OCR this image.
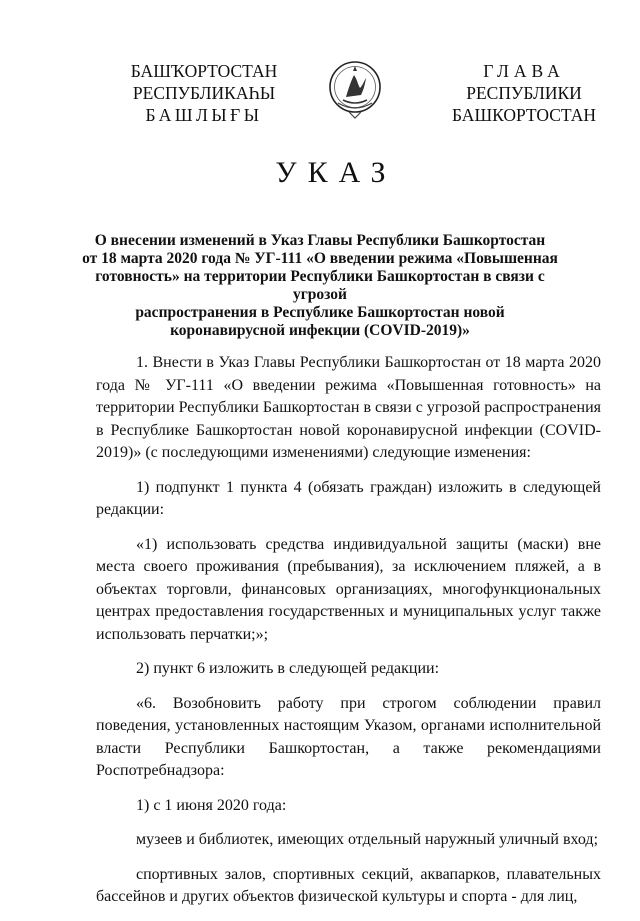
БАШҠОРТОСТАН
РЕСПУБЛИКАҺЫ
БАШЛЫҒЫ
ГЛАВА
РЕСПУБЛИКИ
БАШКОРТОСТАН
УКАЗ
О внесении изменений в Указ Главы Республики Башкортостан
от 18 марта 2020 года № УГ-111 «О введении режима «Повышенная
готовность» на территории Республики Башкортостан в связи с угрозой
распространения в Республике Башкортостан новой
коронавирусной инфекции (COVID-2019)»

1. Внести в Указ Главы Республики Башкортостан от 18 марта 2020 года № УГ-111 «О введении режима «Повышенная готовность» на территории Республики Башкортостан в связи с угрозой распространения в Республике Башкортостан новой коронавирусной инфекции (COVID-2019)» (с последующими изменениями) следующие изменения:

1) подпункт 1 пункта 4 (обязать граждан) изложить в следующей редакции:

«1) использовать средства индивидуальной защиты (маски) вне места своего проживания (пребывания), за исключением пляжей, а в объектах торговли, финансовых организациях, многофункциональных центрах предоставления государственных и муниципальных услуг также использовать перчатки;»;

2) пункт 6 изложить в следующей редакции:

«6. Возобновить работу при строгом соблюдении правил поведения, установленных настоящим Указом, органами исполнительной власти Республики Башкортостан, а также рекомендациями Роспотребнадзора:

1) с 1 июня 2020 года:

музеев и библиотек, имеющих отдельный наружный уличный вход;

спортивных залов, спортивных секций, аквапарков, плавательных бассейнов и других объектов физической культуры и спорта - для лиц,
